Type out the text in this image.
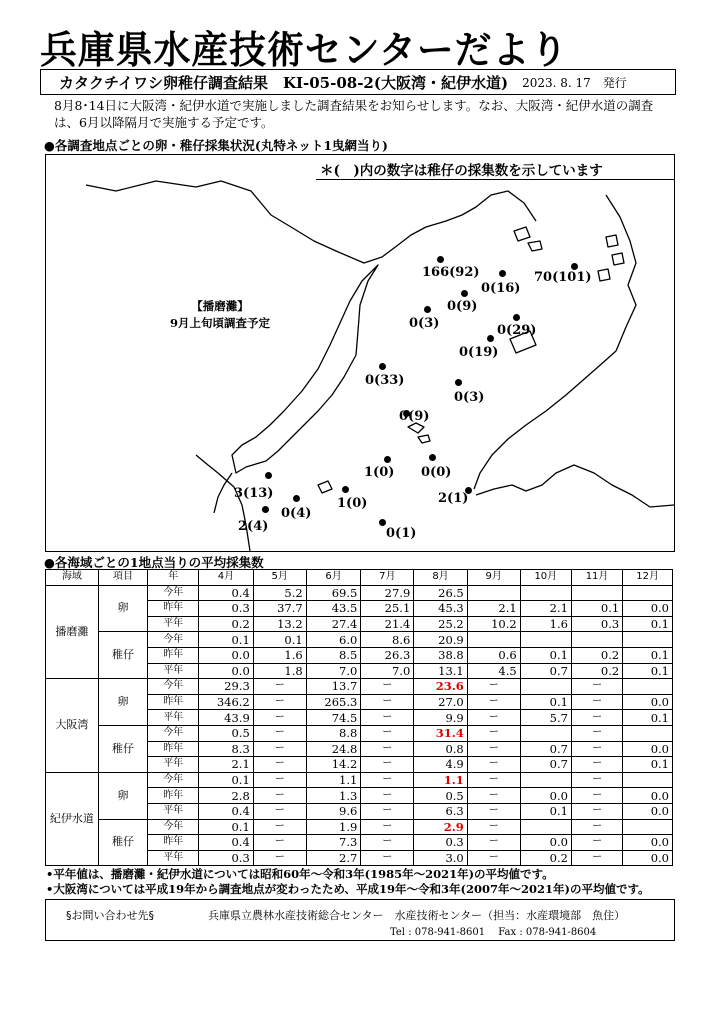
兵庫県水産技術センターだより
カタクチイワシ卵稚仔調査結果　KI-05-08-2(大阪湾・紀伊水道) 2023. 8. 17　発行
8月8･14日に大阪湾・紀伊水道で実施しました調査結果をお知らせします。なお、大阪湾・紀伊水道の調査は、6月以降隔月で実施する予定です。
●各調査地点ごとの卵・稚仔採集状況(丸特ネット1曳網当り)
＊(　)内の数字は稚仔の採集数を示しています
【播磨灘】
9月上旬頃調査予定
166(92)
0(16)
70(101)
0(9)
0(3)	0(29)
0(19)
0(33)
0(3)
0(9)
1(0) 0(0)
3(13)
0(4)
1(0)	2(1)
2(4)	0(1)
●各海域ごとの1地点当りの平均採集数
海域	項目	年	4月	5月	6月	7月	8月	9月	10月	11月	12月
播磨灘	卵	今年	0.4	5.2	69.5	27.9	26.5				
		昨年	0.3	37.7	43.5	25.1	45.3	2.1	2.1	0.1	0.0
		平年	0.2	13.2	27.4	21.4	25.2	10.2	1.6	0.3	0.1
	稚仔	今年	0.1	0.1	6.0	8.6	20.9				
		昨年	0.0	1.6	8.5	26.3	38.8	0.6	0.1	0.2	0.1
		平年	0.0	1.8	7.0	7.0	13.1	4.5	0.7	0.2	0.1
大阪湾	卵	今年	29.3	ー	13.7	ー	23.6	ー		ー	
		昨年	346.2	ー	265.3	ー	27.0	ー	0.1	ー	0.0
		平年	43.9	ー	74.5	ー	9.9	ー	5.7	ー	0.1
	稚仔	今年	0.5	ー	8.8	ー	31.4	ー		ー	
		昨年	8.3	ー	24.8	ー	0.8	ー	0.7	ー	0.0
		平年	2.1	ー	14.2	ー	4.9	ー	0.7	ー	0.1
紀伊水道	卵	今年	0.1	ー	1.1	ー	1.1	ー		ー	
		昨年	2.8	ー	1.3	ー	0.5	ー	0.0	ー	0.0
		平年	0.4	ー	9.6	ー	6.3	ー	0.1	ー	0.0
	稚仔	今年	0.1	ー	1.9	ー	2.9	ー		ー	
		昨年	0.4	ー	7.3	ー	0.3	ー	0.0	ー	0.0
		平年	0.3	ー	2.7	ー	3.0	ー	0.2	ー	0.0
•平年値は、播磨灘・紀伊水道については昭和60年～令和3年(1985年～2021年)の平均値です。
•大阪湾については平成19年から調査地点が変わったため、平成19年～令和3年(2007年～2021年)の平均値です。
§お問い合わせ先§	兵庫県立農林水産技術総合センター　水産技術センター（担当：水産環境部　魚住）
Tel : 078-941-8601　 Fax : 078-941-8604
